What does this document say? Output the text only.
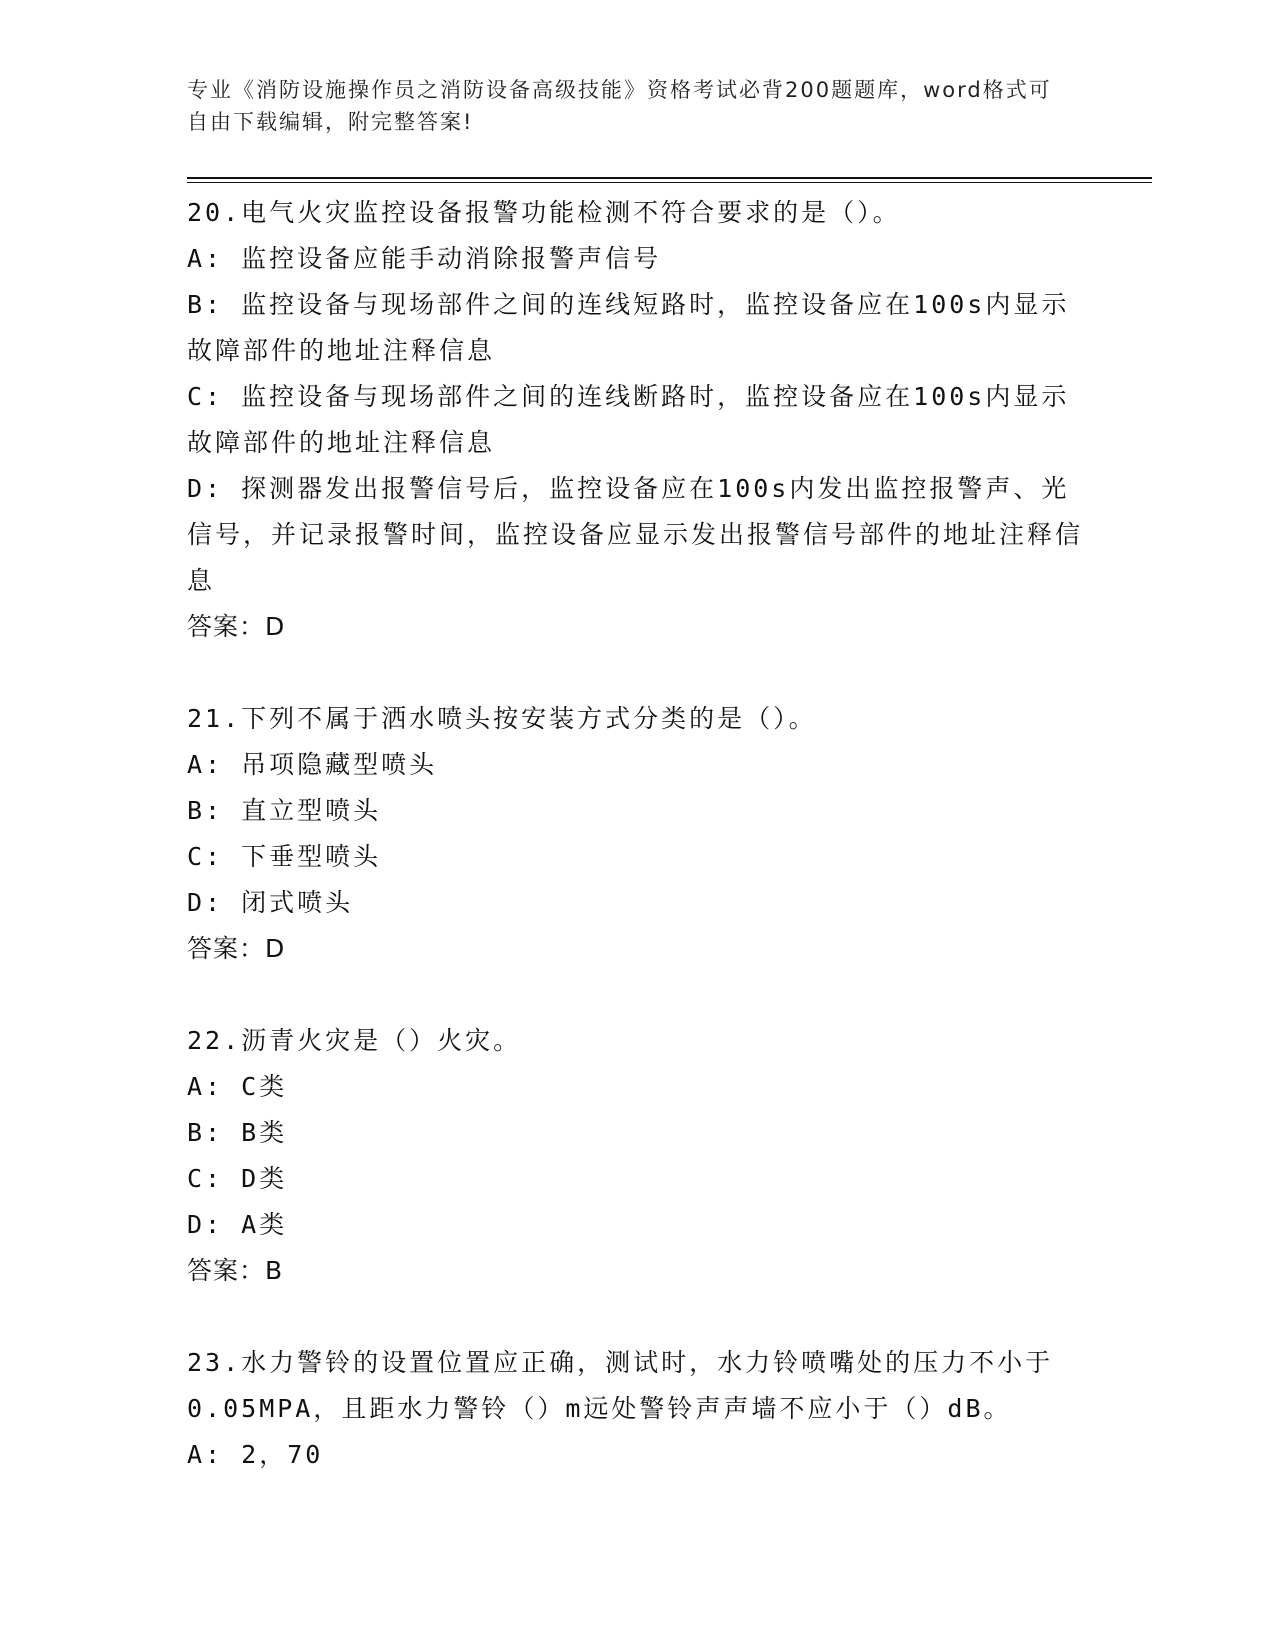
专业《消防设施操作员之消防设备高级技能》资格考试必背200题题库，word格式可自由下载编辑，附完整答案!

20.电气火灾监控设备报警功能检测不符合要求的是（）。

A: 监控设备应能手动消除报警声信号

B: 监控设备与现场部件之间的连线短路时，监控设备应在100s内显示故障部件的地址注释信息

C: 监控设备与现场部件之间的连线断路时，监控设备应在100s内显示故障部件的地址注释信息

D: 探测器发出报警信号后，监控设备应在100s内发出监控报警声、光信号，并记录报警时间，监控设备应显示发出报警信号部件的地址注释信息

答案：D

21.下列不属于洒水喷头按安装方式分类的是（）。

A: 吊项隐藏型喷头

B: 直立型喷头

C: 下垂型喷头

D: 闭式喷头

答案：D

22.沥青火灾是（）火灾。

A: C类

B: B类

C: D类

D: A类

答案：B

23.水力警铃的设置位置应正确，测试时，水力铃喷嘴处的压力不小于0.05MPA，且距水力警铃（）m远处警铃声声墙不应小于（）dB。

A: 2，70
